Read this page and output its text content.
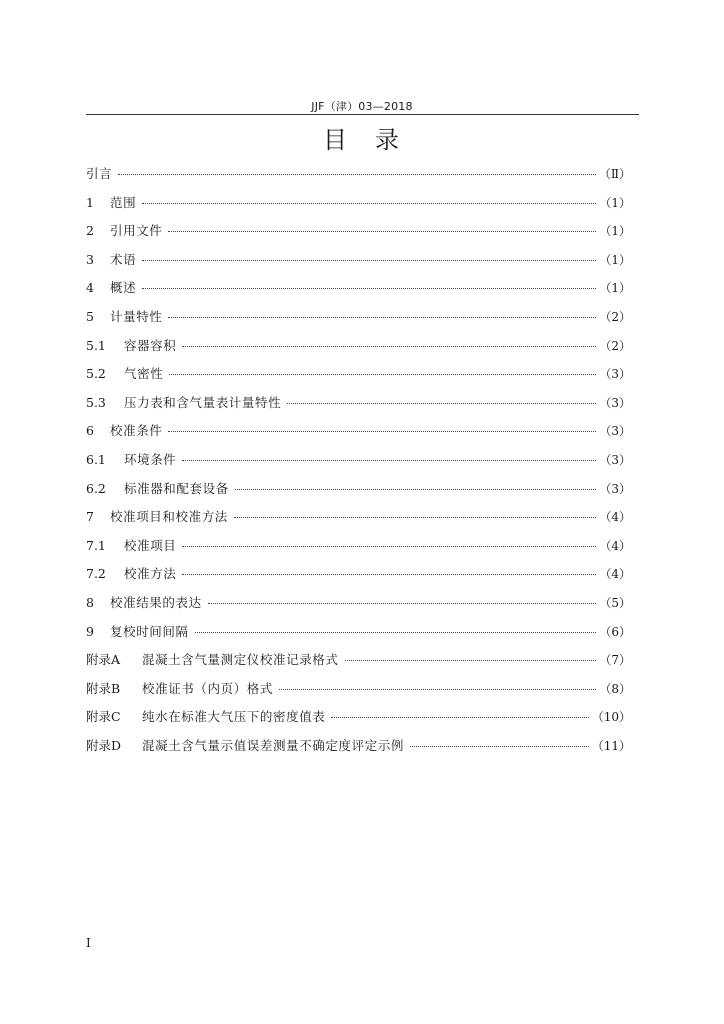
JJF（津）03—2018
目　录
引言	（Ⅱ）
1	范围	（1）
2	引用文件	（1）
3	术语	（1）
4	概述	（1）
5	计量特性	（2）
5.1	容器容积	（2）
5.2	气密性	（3）
5.3	压力表和含气量表计量特性	（3）
6	校准条件	（3）
6.1	环境条件	（3）
6.2	标准器和配套设备	（3）
7	校准项目和校准方法	（4）
7.1	校准项目	（4）
7.2	校准方法	（4）
8	校准结果的表达	（5）
9	复校时间间隔	（6）
附录A	混凝土含气量测定仪校准记录格式	（7）
附录B	校准证书（内页）格式	（8）
附录C	纯水在标准大气压下的密度值表	（10）
附录D	混凝土含气量示值误差测量不确定度评定示例	（11）
Ⅰ
